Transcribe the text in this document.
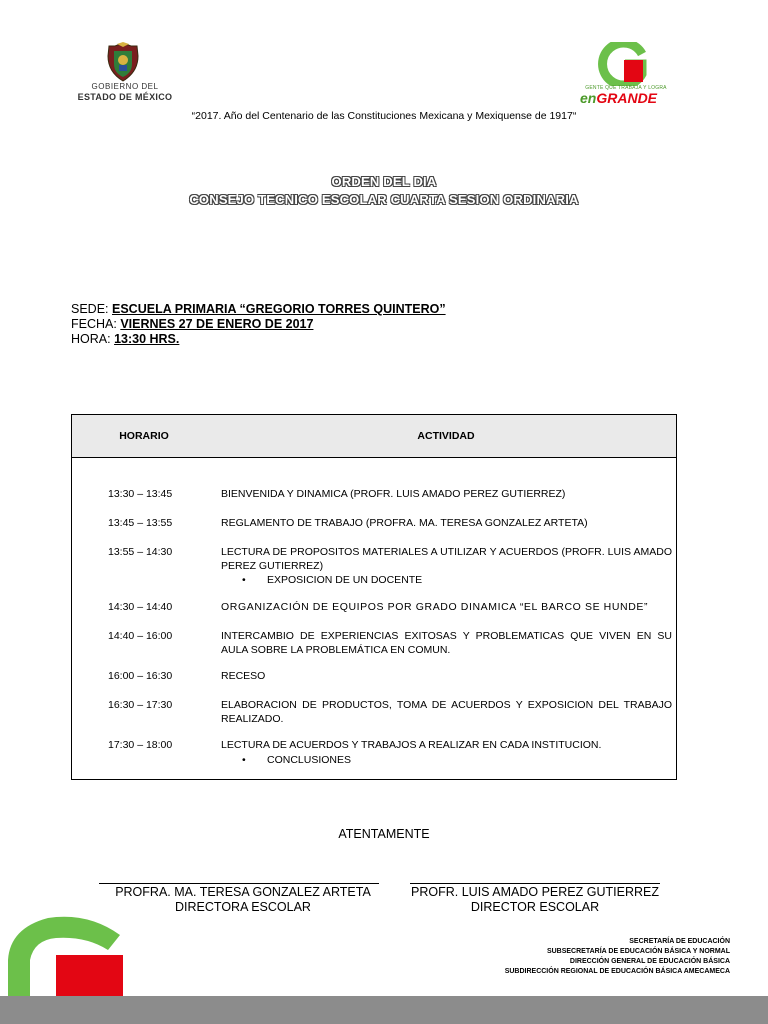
GOBIERNO DEL
ESTADO DE MÉXICO
GENTE QUE TRABAJA Y LOGRA
enGRANDE
“2017. Año del Centenario de las Constituciones Mexicana y Mexiquense de 1917“
ORDEN DEL DIA
CONSEJO TECNICO ESCOLAR CUARTA SESION ORDINARIA
SEDE: ESCUELA PRIMARIA “GREGORIO TORRES QUINTERO”
FECHA: VIERNES 27 DE ENERO DE 2017
HORA: 13:30 HRS.
HORARIO	ACTIVIDAD
13:30 – 13:45	BIENVENIDA Y DINAMICA (PROFR. LUIS AMADO PEREZ GUTIERREZ)
13:45 – 13:55	REGLAMENTO DE TRABAJO (PROFRA. MA. TERESA GONZALEZ ARTETA)
13:55 – 14:30	LECTURA DE PROPOSITOS MATERIALES A UTILIZAR Y ACUERDOS (PROFR. LUIS AMADO PEREZ GUTIERREZ)
EXPOSICION DE UN DOCENTE
14:30 – 14:40	ORGANIZACIÓN DE EQUIPOS POR GRADO DINAMICA “EL BARCO SE HUNDE”
14:40 – 16:00	INTERCAMBIO DE EXPERIENCIAS EXITOSAS Y PROBLEMATICAS QUE VIVEN EN SU AULA SOBRE LA PROBLEMÁTICA EN COMUN.
16:00 – 16:30	RECESO
16:30 – 17:30	ELABORACION DE PRODUCTOS, TOMA DE ACUERDOS Y EXPOSICION DEL TRABAJO REALIZADO.
17:30 – 18:00	LECTURA DE ACUERDOS Y TRABAJOS A REALIZAR EN CADA INSTITUCION.
CONCLUSIONES
ATENTAMENTE
PROFRA. MA. TERESA GONZALEZ ARTETA
DIRECTORA ESCOLAR
PROFR. LUIS AMADO PEREZ GUTIERREZ
DIRECTOR ESCOLAR
SECRETARÍA DE EDUCACIÓN
SUBSECRETARÍA DE EDUCACIÓN BÁSICA Y NORMAL
DIRECCIÓN GENERAL DE EDUCACIÓN BÁSICA
SUBDIRECCIÓN REGIONAL DE EDUCACIÓN BÁSICA AMECAMECA
